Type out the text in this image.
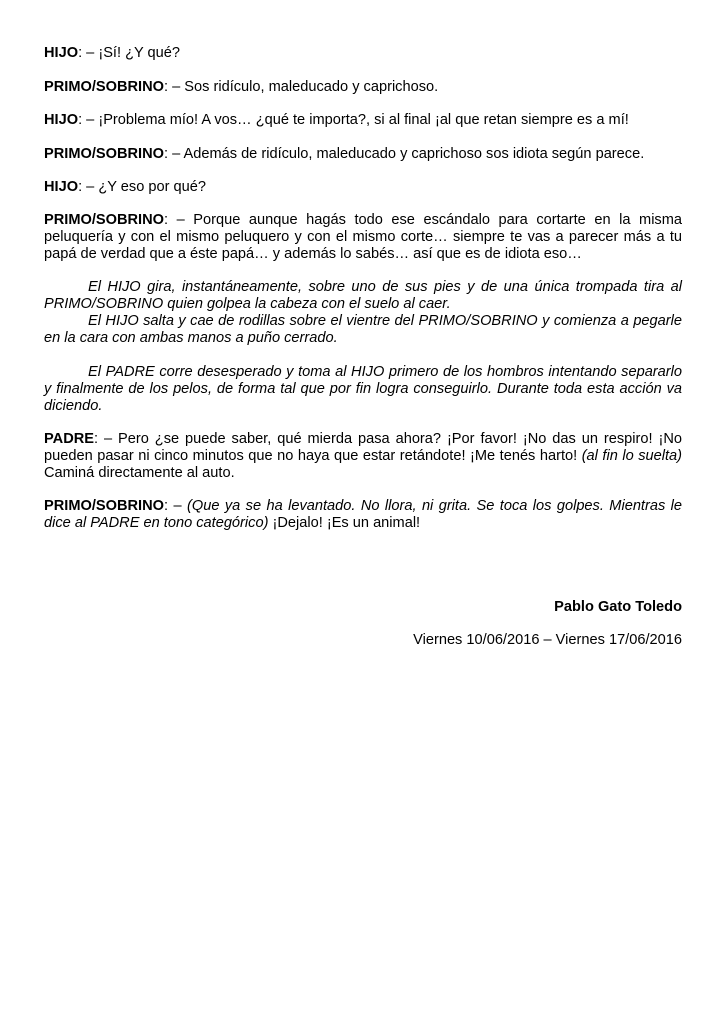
HIJO: – ¡Sí! ¿Y qué?

PRIMO/SOBRINO: – Sos ridículo, maleducado y caprichoso.

HIJO: – ¡Problema mío! A vos… ¿qué te importa?, si al final ¡al que retan siempre es a mí!

PRIMO/SOBRINO: – Además de ridículo, maleducado y caprichoso sos idiota según parece.

HIJO: – ¿Y eso por qué?

PRIMO/SOBRINO: – Porque aunque hagás todo ese escándalo para cortarte en la misma peluquería y con el mismo peluquero y con el mismo corte… siempre te vas a parecer más a tu papá de verdad que a éste papá… y además lo sabés… así que es de idiota eso…

El HIJO gira, instantáneamente, sobre uno de sus pies y de una única trompada tira al PRIMO/SOBRINO quien golpea la cabeza con el suelo al caer.

El HIJO salta y cae de rodillas sobre el vientre del PRIMO/SOBRINO y comienza a pegarle en la cara con ambas manos a puño cerrado.

El PADRE corre desesperado y toma al HIJO primero de los hombros intentando separarlo y finalmente de los pelos, de forma tal que por fin logra conseguirlo. Durante toda esta acción va diciendo.

PADRE: – Pero ¿se puede saber, qué mierda pasa ahora? ¡Por favor! ¡No das un respiro! ¡No pueden pasar ni cinco minutos que no haya que estar retándote! ¡Me tenés harto! (al fin lo suelta) Caminá directamente al auto.

PRIMO/SOBRINO: – (Que ya se ha levantado. No llora, ni grita. Se toca los golpes. Mientras le dice al PADRE en tono categórico) ¡Dejalo! ¡Es un animal!

Pablo Gato Toledo

Viernes 10/06/2016 – Viernes 17/06/2016
